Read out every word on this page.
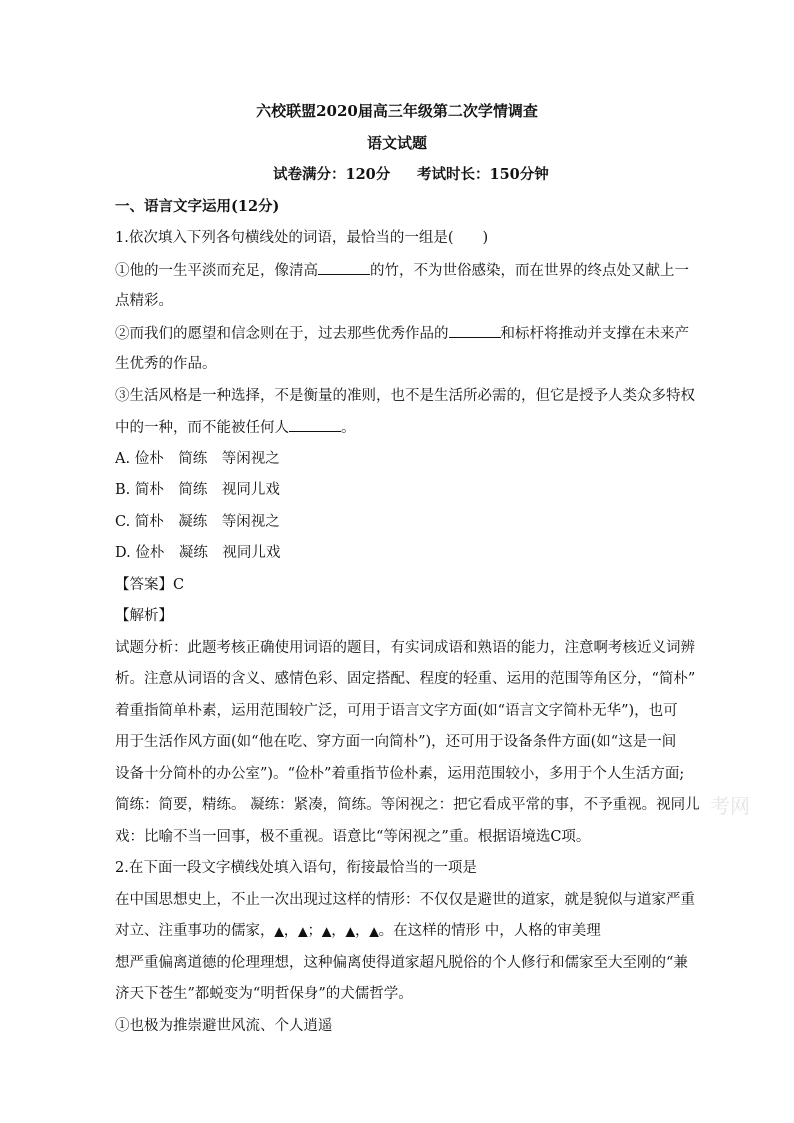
六校联盟2020届高三年级第二次学情调查
语文试题
试卷满分：120分 考试时长：150分钟
一、语言文字运用(12分)
1.依次填入下列各句横线处的词语，最恰当的一组是(　　)
①他的一生平淡而充足，像清高	的竹，不为世俗感染，而在世界的终点处又献上一
点精彩。
②而我们的愿望和信念则在于，过去那些优秀作品的	和标杆将推动并支撑在未来产
生优秀的作品。
③生活风格是一种选择，不是衡量的准则，也不是生活所必需的，但它是授予人类众多特权
中的一种，而不能被任何人	。
A. 俭朴　简练　等闲视之
B. 简朴　简练　视同儿戏
C. 简朴　凝练　等闲视之
D. 俭朴　凝练　视同儿戏
【答案】C
【解析】
试题分析：此题考核正确使用词语的题目，有实词成语和熟语的能力，注意啊考核近义词辨
析。注意从词语的含义、感情色彩、固定搭配、程度的轻重、运用的范围等角区分，“简朴”
着重指简单朴素，运用范围较广泛，可用于语言文字方面(如“语言文字简朴无华”)，也可
用于生活作风方面(如“他在吃、穿方面一向简朴”)，还可用于设备条件方面(如“这是一间
设备十分简朴的办公室”)。“俭朴”着重指节俭朴素，运用范围较小，多用于个人生活方面;
简练：简要，精练。 凝练：紧凑，简练。等闲视之：把它看成平常的事，不予重视。视同儿
戏：比喻不当一回事，极不重视。语意比“等闲视之”重。根据语境选C项。
2.在下面一段文字横线处填入语句，衔接最恰当的一项是
在中国思想史上，不止一次出现过这样的情形：不仅仅是避世的道家，就是貌似与道家严重
对立、注重事功的儒家，▲，▲；▲，▲，▲。在这样的情形 中，人格的审美理
想严重偏离道德的伦理理想，这种偏离使得道家超凡脱俗的个人修行和儒家至大至刚的“兼
济天下苍生”都蜕变为“明哲保身”的犬儒哲学。
①也极为推崇避世风流、个人逍遥
考网
